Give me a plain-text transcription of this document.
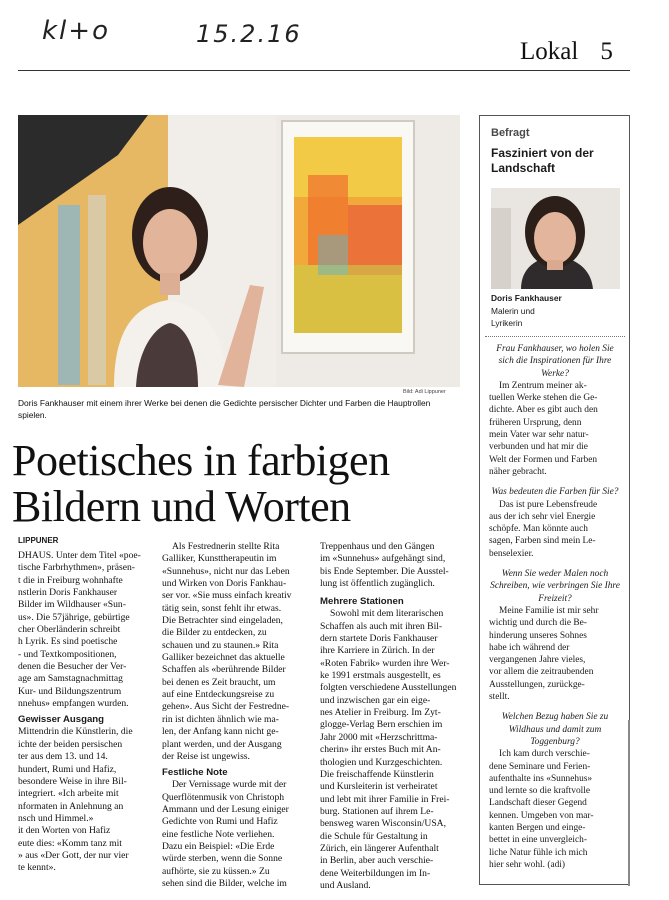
kl+o	15.2.16
Lokal 5
Bild: Adi Lippuner
Doris Fankhauser mit einem ihrer Werke bei denen die Gedichte persischer Dichter und Farben die Hauptrollen spielen.
Poetisches in farbigen
Bildern und Worten
LIPPUNER
DHAUS. Unter dem Titel «poe-
tische Farbrhythmen», präsen-
t die in Freiburg wohnhafte
nstlerin Doris Fankhauser
Bilder im Wildhauser «Sun-
us». Die 57jährige, gebürtige
cher Oberländerin schreibt
h Lyrik. Es sind poetische
- und Textkompositionen,
denen die Besucher der Ver-
age am Samstagnachmittag
Kur- und Bildungszentrum
nnehus» empfangen wurden.
Gewisser Ausgang
Mittendrin die Künstlerin, die
ichte der beiden persischen
ter aus dem 13. und 14.
hundert, Rumi und Hafiz,
besondere Weise in ihre Bil-
integriert. «Ich arbeite mit
nformaten in Anlehnung an
nsch und Himmel.»
it den Worten von Hafiz
eute dies: «Komm tanz mit
» aus «Der Gott, der nur vier
te kennt».
Als Festrednerin stellte Rita
Galliker, Kunsttherapeutin im
«Sunnehus», nicht nur das Leben
und Wirken von Doris Fankhau-
ser vor. «Sie muss einfach kreativ
tätig sein, sonst fehlt ihr etwas.
Die Betrachter sind eingeladen,
die Bilder zu entdecken, zu
schauen und zu staunen.» Rita
Galliker bezeichnet das aktuelle
Schaffen als «berührende Bilder
bei denen es Zeit braucht, um
auf eine Entdeckungsreise zu
gehen». Aus Sicht der Festredne-
rin ist dichten ähnlich wie ma-
len, der Anfang kann nicht ge-
plant werden, und der Ausgang
der Reise ist ungewiss.
Festliche Note
Der Vernissage wurde mit der
Querflötenmusik von Christoph
Ammann und der Lesung einiger
Gedichte von Rumi und Hafiz
eine festliche Note verliehen.
Dazu ein Beispiel: «Die Erde
würde sterben, wenn die Sonne
aufhörte, sie zu küssen.» Zu
sehen sind die Bilder, welche im
Treppenhaus und den Gängen
im «Sunnehus» aufgehängt sind,
bis Ende September. Die Ausstel-
lung ist öffentlich zugänglich.
Mehrere Stationen
Sowohl mit dem literarischen
Schaffen als auch mit ihren Bil-
dern startete Doris Fankhauser
ihre Karriere in Zürich. In der
«Roten Fabrik» wurden ihre Wer-
ke 1991 erstmals ausgestellt, es
folgten verschiedene Ausstellungen
und inzwischen gar ein eige-
nes Atelier in Freiburg. Im Zyt-
glogge-Verlag Bern erschien im
Jahr 2000 mit «Herzschrittma-
cherin» ihr erstes Buch mit An-
thologien und Kurzgeschichten.
Die freischaffende Künstlerin
und Kursleiterin ist verheiratet
und lebt mit ihrer Familie in Frei-
burg. Stationen auf ihrem Le-
bensweg waren Wisconsin/USA,
die Schule für Gestaltung in
Zürich, ein längerer Aufenthalt
in Berlin, aber auch verschie-
dene Weiterbildungen im In-
und Ausland.
Befragt
Fasziniert von der Landschaft
Doris Fankhauser
Malerin und
Lyrikerin
Frau Fankhauser, wo holen Sie sich die Inspirationen für Ihre Werke?
Im Zentrum meiner ak-
tuellen Werke stehen die Ge-
dichte. Aber es gibt auch den
früheren Ursprung, denn
mein Vater war sehr natur-
verbunden und hat mir die
Welt der Formen und Farben
näher gebracht.
Was bedeuten die Farben für Sie?
Das ist pure Lebensfreude
aus der ich sehr viel Energie
schöpfe. Man könnte auch
sagen, Farben sind mein Le-
benselexier.
Wenn Sie weder Malen noch Schreiben, wie verbringen Sie Ihre Freizeit?
Meine Familie ist mir sehr
wichtig und durch die Be-
hinderung unseres Sohnes
habe ich während der
vergangenen Jahre vieles,
vor allem die zeitraubenden
Ausstellungen, zurückge-
stellt.
Welchen Bezug haben Sie zu Wildhaus und damit zum Toggenburg?
Ich kam durch verschie-
dene Seminare und Ferien-
aufenthalte ins «Sunnehus»
und lernte so die kraftvolle
Landschaft dieser Gegend
kennen. Umgeben von mar-
kanten Bergen und einge-
bettet in eine unvergleich-
liche Natur fühle ich mich
hier sehr wohl. (adi)
